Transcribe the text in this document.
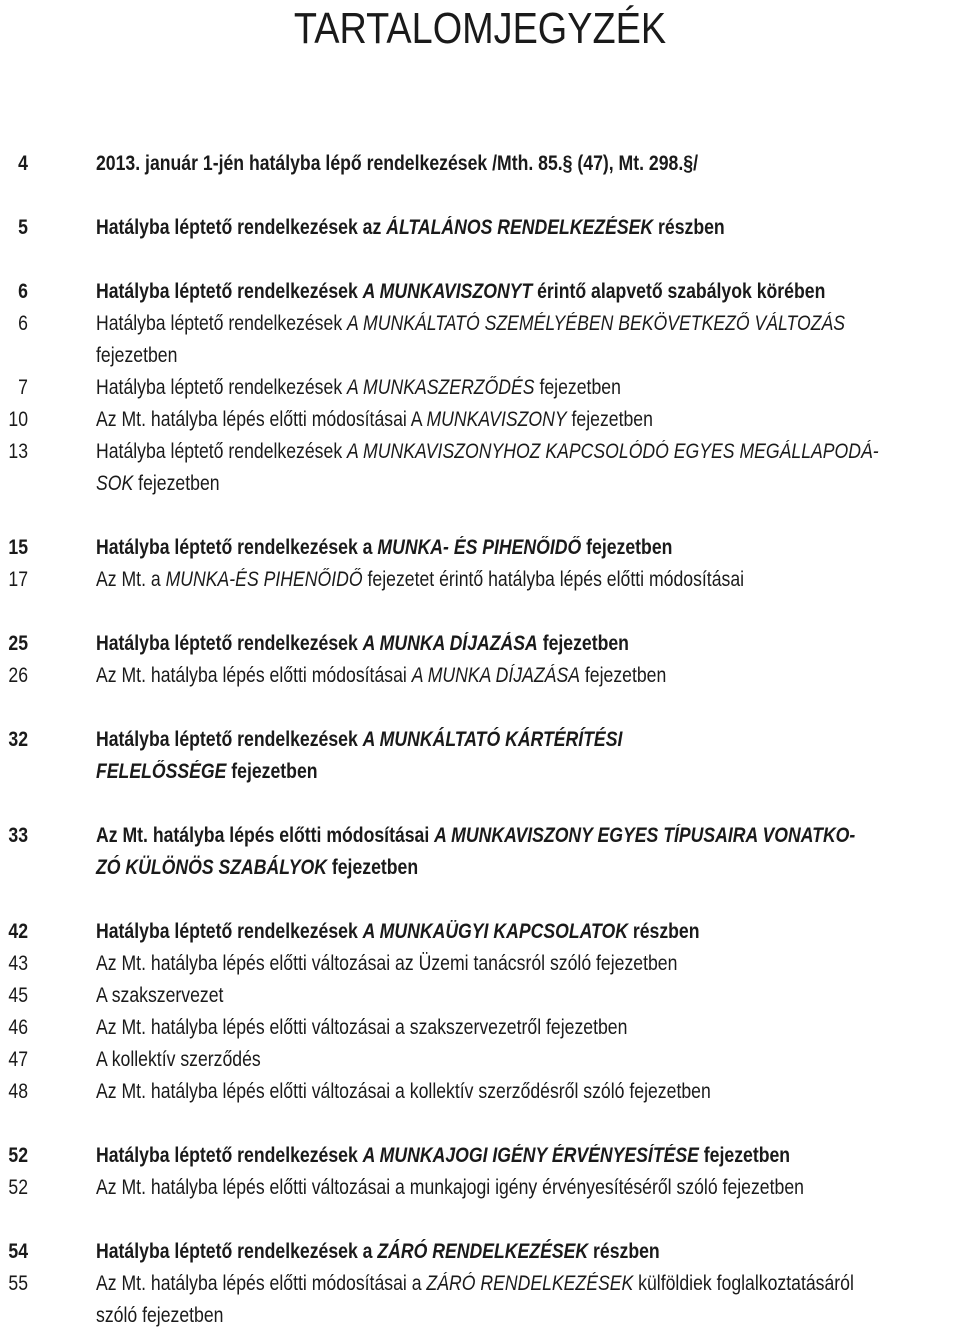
TARTALOMJEGYZÉK
4	2013. január 1-jén hatályba lépő rendelkezések /Mth. 85.§ (47), Mt. 298.§/
5	Hatályba léptető rendelkezések az ÁLTALÁNOS RENDELKEZÉSEK részben
6	Hatályba léptető rendelkezések A MUNKAVISZONYT érintő alapvető szabályok körében
6	Hatályba léptető rendelkezések A MUNKÁLTATÓ SZEMÉLYÉBEN BEKÖVETKEZŐ VÁLTOZÁS
fejezetben
7	Hatályba léptető rendelkezések A MUNKASZERZŐDÉS fejezetben
10	Az Mt. hatályba lépés előtti módosításai A MUNKAVISZONY fejezetben
13	Hatályba léptető rendelkezések A MUNKAVISZONYHOZ KAPCSOLÓDÓ EGYES MEGÁLLAPODÁ-
SOK fejezetben
15	Hatályba léptető rendelkezések a MUNKA- ÉS PIHENŐIDŐ fejezetben
17	Az Mt. a MUNKA-ÉS PIHENŐIDŐ fejezetet érintő hatályba lépés előtti módosításai
25	Hatályba léptető rendelkezések A MUNKA DÍJAZÁSA fejezetben
26	Az Mt. hatályba lépés előtti módosításai A MUNKA DÍJAZÁSA fejezetben
32	Hatályba léptető rendelkezések A MUNKÁLTATÓ KÁRTÉRÍTÉSI
FELELŐSSÉGE fejezetben
33	Az Mt. hatályba lépés előtti módosításai A MUNKAVISZONY EGYES TÍPUSAIRA VONATKO-
ZÓ KÜLÖNÖS SZABÁLYOK fejezetben
42	Hatályba léptető rendelkezések A MUNKAÜGYI KAPCSOLATOK részben
43	Az Mt. hatályba lépés előtti változásai az Üzemi tanácsról szóló fejezetben
45	A szakszervezet
46	Az Mt. hatályba lépés előtti változásai a szakszervezetről fejezetben
47	A kollektív szerződés
48	Az Mt. hatályba lépés előtti változásai a kollektív szerződésről szóló fejezetben
52	Hatályba léptető rendelkezések A MUNKAJOGI IGÉNY ÉRVÉNYESÍTÉSE fejezetben
52	Az Mt. hatályba lépés előtti változásai a munkajogi igény érvényesítéséről szóló fejezetben
54	Hatályba léptető rendelkezések a ZÁRÓ RENDELKEZÉSEK részben
55	Az Mt. hatályba lépés előtti módosításai a ZÁRÓ RENDELKEZÉSEK külföldiek foglalkoztatásáról
szóló fejezetben
